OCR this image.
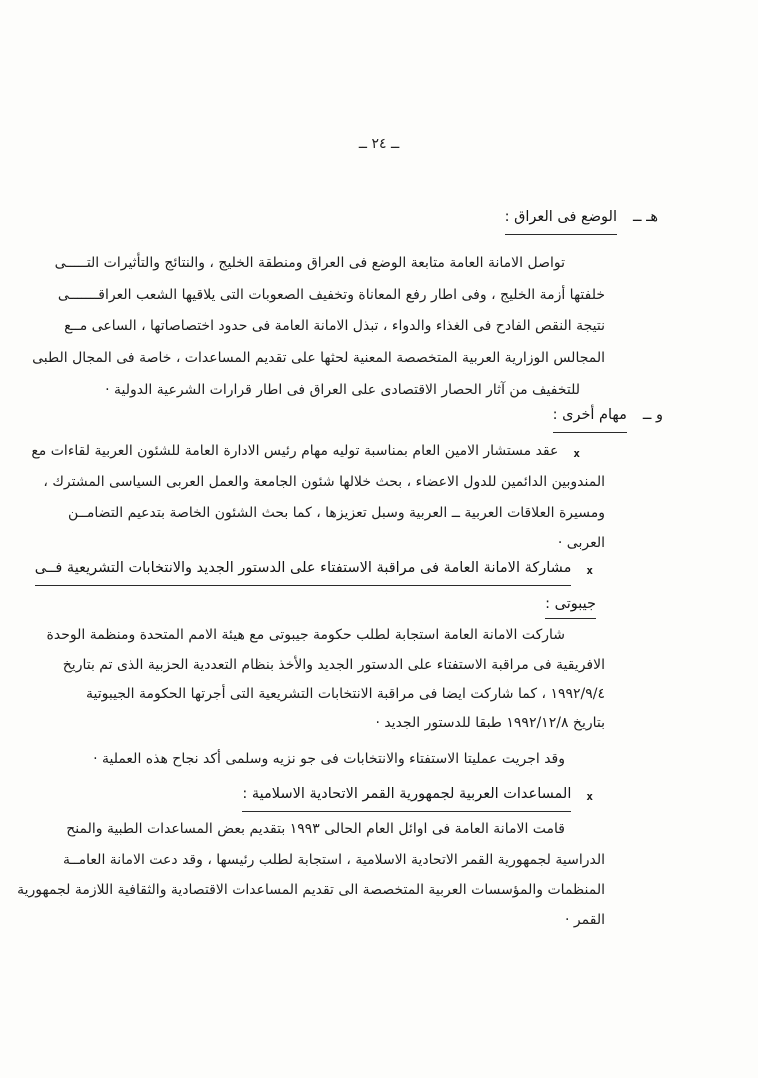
ــ ٢٤ ــ
هـ ــ
الوضع فى العراق :
تواصل الامانة العامة متابعة الوضع فى العراق ومنطقة الخليج ، والنتائج والتأثيرات التـــــى
خلفتها أزمة الخليج ، وفى اطار رفع المعاناة وتخفيف الصعوبات التى يلاقيها الشعب العراقـــــــى
نتيجة النقص الفادح فى الغذاء والدواء ، تبذل الامانة العامة فى حدود اختصاصاتها ، الساعى مــع
المجالس الوزارية العربية المتخصصة المعنية لحثها على تقديم المساعدات ، خاصة فى المجال الطبى
للتخفيف من آثار الحصار الاقتصادى على العراق فى اطار قرارات الشرعية الدولية ·
و ــ
مهام أخرى :
x
عقد مستشار الامين العام بمناسبة توليه مهام رئيس الادارة العامة للشئون العربية لقاءات مع
المندوبين الدائمين للدول الاعضاء ، بحث خلالها شئون الجامعة والعمل العربى السياسى المشترك ،
ومسيرة العلاقات العربية ــ العربية وسبل تعزيزها ، كما بحث الشئون الخاصة بتدعيم التضامــن
العربى ·
x
مشاركة الامانة العامة فى مراقبة الاستفتاء على الدستور الجديد والانتخابات التشريعية فــى
جيبوتى :
شاركت الامانة العامة استجابة لطلب حكومة جيبوتى مع هيئة الامم المتحدة ومنظمة الوحدة
الافريقية فى مراقبة الاستفتاء على الدستور الجديد والأخذ بنظام التعددية الحزبية الذى تم بتاريخ
١٩٩٢/٩/٤ ، كما شاركت ايضا فى مراقبة الانتخابات التشريعية التى أجرتها الحكومة الجيبوتية
بتاريخ ١٩٩٢/١٢/٨ طبقا للدستور الجديد ·
وقد اجريت عمليتا الاستفتاء والانتخابات فى جو نزيه وسلمى أكد نجاح هذه العملية ·
x
المساعدات العربية لجمهورية القمر الاتحادية الاسلامية :
قامت الامانة العامة فى اوائل العام الحالى ١٩٩٣ بتقديم بعض المساعدات الطبية والمنح
الدراسية لجمهورية القمر الاتحادية الاسلامية ، استجابة لطلب رئيسها ، وقد دعت الامانة العامــة
المنظمات والمؤسسات العربية المتخصصة الى تقديم المساعدات الاقتصادية والثقافية اللازمة لجمهورية
القمر ·
